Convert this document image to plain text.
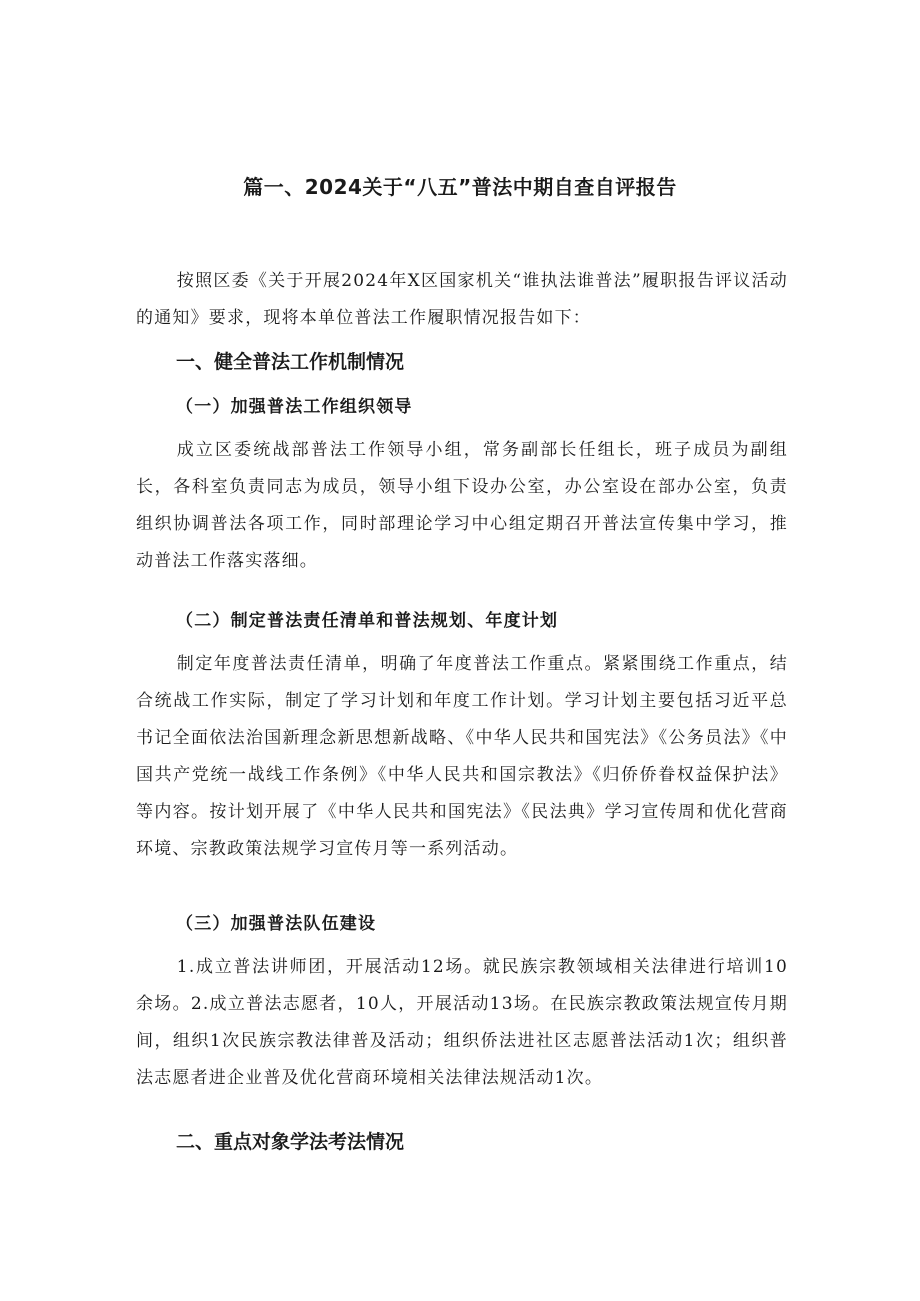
篇一、2024关于“八五”普法中期自查自评报告

按照区委《关于开展2024年X区国家机关“谁执法谁普法”履职报告评议活动的通知》要求，现将本单位普法工作履职情况报告如下：

一、健全普法工作机制情况
（一）加强普法工作组织领导

成立区委统战部普法工作领导小组，常务副部长任组长，班子成员为副组长，各科室负责同志为成员，领导小组下设办公室，办公室设在部办公室，负责组织协调普法各项工作，同时部理论学习中心组定期召开普法宣传集中学习，推动普法工作落实落细。

（二）制定普法责任清单和普法规划、年度计划

制定年度普法责任清单，明确了年度普法工作重点。紧紧围绕工作重点，结合统战工作实际，制定了学习计划和年度工作计划。学习计划主要包括习近平总书记全面依法治国新理念新思想新战略、《中华人民共和国宪法》《公务员法》《中国共产党统一战线工作条例》《中华人民共和国宗教法》《归侨侨眷权益保护法》等内容。按计划开展了《中华人民共和国宪法》《民法典》学习宣传周和优化营商环境、宗教政策法规学习宣传月等一系列活动。

（三）加强普法队伍建设

1.成立普法讲师团，开展活动12场。就民族宗教领域相关法律进行培训10余场。2.成立普法志愿者，10人，开展活动13场。在民族宗教政策法规宣传月期间，组织1次民族宗教法律普及活动；组织侨法进社区志愿普法活动1次；组织普法志愿者进企业普及优化营商环境相关法律法规活动1次。

二、重点对象学法考法情况
